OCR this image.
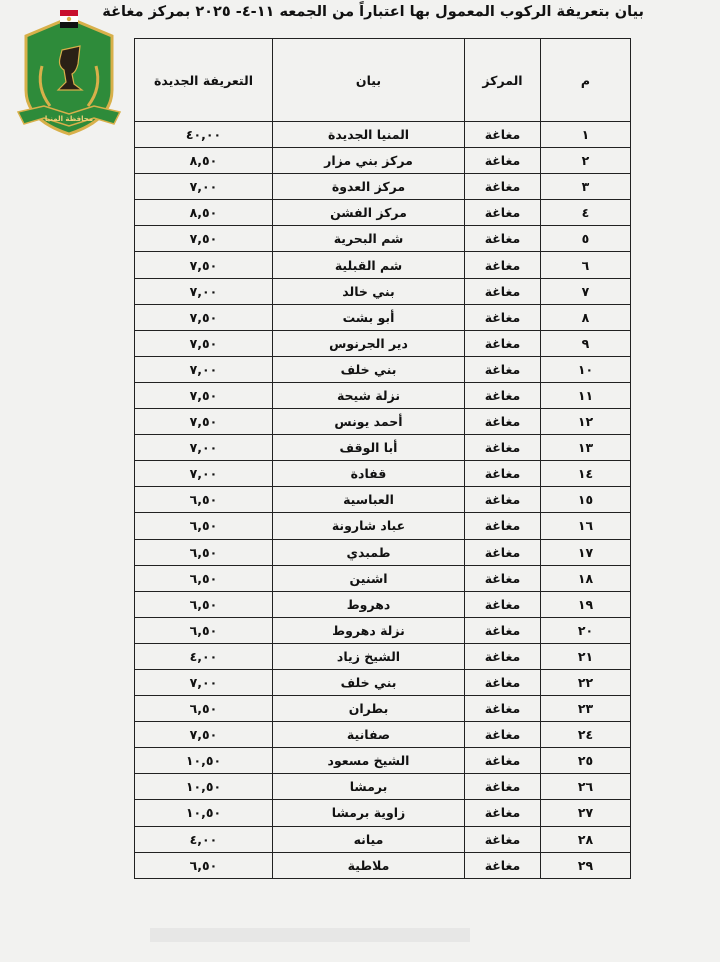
بيان بتعريفة الركوب المعمول بها اعتباراً من الجمعه ١١-٤- ٢٠٢٥ بمركز مغاغة
محافظة المنيا
م	المركز	بيان	التعريفة الجديدة
١	مغاغة	المنيا الجديدة	٤٠,٠٠
٢	مغاغة	مركز بني مزار	٨,٥٠
٣	مغاغة	مركز العدوة	٧,٠٠
٤	مغاغة	مركز الفشن	٨,٥٠
٥	مغاغة	شم البحرية	٧,٥٠
٦	مغاغة	شم القبلية	٧,٥٠
٧	مغاغة	بني خالد	٧,٠٠
٨	مغاغة	أبو بشت	٧,٥٠
٩	مغاغة	دير الجرنوس	٧,٥٠
١٠	مغاغة	بني خلف	٧,٠٠
١١	مغاغة	نزلة شيحة	٧,٥٠
١٢	مغاغة	أحمد يونس	٧,٥٠
١٣	مغاغة	أبا الوقف	٧,٠٠
١٤	مغاغة	قفادة	٧,٠٠
١٥	مغاغة	العباسية	٦,٥٠
١٦	مغاغة	عباد شارونة	٦,٥٠
١٧	مغاغة	طمبدي	٦,٥٠
١٨	مغاغة	اشنين	٦,٥٠
١٩	مغاغة	دهروط	٦,٥٠
٢٠	مغاغة	نزلة دهروط	٦,٥٠
٢١	مغاغة	الشيخ زياد	٤,٠٠
٢٢	مغاغة	بني خلف	٧,٠٠
٢٣	مغاغة	بطران	٦,٥٠
٢٤	مغاغة	صفانية	٧,٥٠
٢٥	مغاغة	الشيخ مسعود	١٠,٥٠
٢٦	مغاغة	برمشا	١٠,٥٠
٢٧	مغاغة	زاوية برمشا	١٠,٥٠
٢٨	مغاغة	ميانه	٤,٠٠
٢٩	مغاغة	ملاطية	٦,٥٠
